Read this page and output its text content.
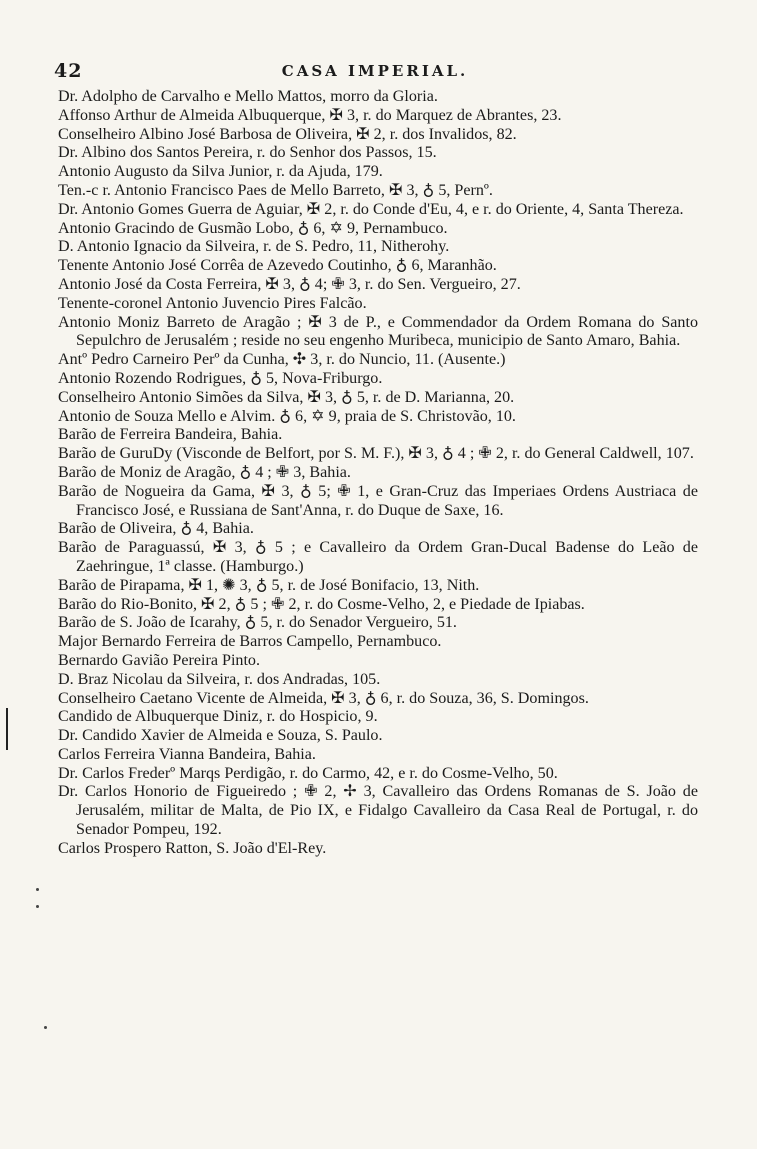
42	CASA IMPERIAL.
Dr. Adolpho de Carvalho e Mello Mattos, morro da Gloria.
Affonso Arthur de Almeida Albuquerque, ✠ 3, r. do Marquez de Abrantes, 23.
Conselheiro Albino José Barbosa de Oliveira, ✠ 2, r. dos Invalidos, 82.
Dr. Albino dos Santos Pereira, r. do Senhor dos Passos, 15.
Antonio Augusto da Silva Junior, r. da Ajuda, 179.
Ten.-c r. Antonio Francisco Paes de Mello Barreto, ✠ 3, ♁ 5, Pernº.
Dr. Antonio Gomes Guerra de Aguiar, ✠ 2, r. do Conde d'Eu, 4, e r. do Oriente, 4, Santa Thereza.
Antonio Gracindo de Gusmão Lobo, ♁ 6, ✡ 9, Pernambuco.
D. Antonio Ignacio da Silveira, r. de S. Pedro, 11, Nitherohy.
Tenente Antonio José Corrêa de Azevedo Coutinho, ♁ 6, Maranhão.
Antonio José da Costa Ferreira, ✠ 3, ♁ 4; ✙ 3, r. do Sen. Vergueiro, 27.
Tenente-coronel Antonio Juvencio Pires Falcão.
Antonio Moniz Barreto de Aragão ; ✠ 3 de P., e Commendador da Ordem Romana do Santo Sepulchro de Jerusalém ; reside no seu engenho Muribeca, municipio de Santo Amaro, Bahia.
Antº Pedro Carneiro Perº da Cunha, ✣ 3, r. do Nuncio, 11. (Ausente.)
Antonio Rozendo Rodrigues, ♁ 5, Nova-Friburgo.
Conselheiro Antonio Simões da Silva, ✠ 3, ♁ 5, r. de D. Marianna, 20.
Antonio de Souza Mello e Alvim. ♁ 6, ✡ 9, praia de S. Christovão, 10.
Barão de Ferreira Bandeira, Bahia.
Barão de GuruDy (Visconde de Belfort, por S. M. F.), ✠ 3, ♁ 4 ; ✙ 2, r. do General Caldwell, 107.
Barão de Moniz de Aragão, ♁ 4 ; ✙ 3, Bahia.
Barão de Nogueira da Gama, ✠ 3, ♁ 5; ✙ 1, e Gran-Cruz das Imperiaes Ordens Austriaca de Francisco José, e Russiana de Sant'Anna, r. do Duque de Saxe, 16.
Barão de Oliveira, ♁ 4, Bahia.
Barão de Paraguassú, ✠ 3, ♁ 5 ; e Cavalleiro da Ordem Gran-Ducal Badense do Leão de Zaehringue, 1ª classe. (Hamburgo.)
Barão de Pirapama, ✠ 1, ✺ 3, ♁ 5, r. de José Bonifacio, 13, Nith.
Barão do Rio-Bonito, ✠ 2, ♁ 5 ; ✙ 2, r. do Cosme-Velho, 2, e Piedade de Ipiabas.
Barão de S. João de Icarahy, ♁ 5, r. do Senador Vergueiro, 51.
Major Bernardo Ferreira de Barros Campello, Pernambuco.
Bernardo Gavião Pereira Pinto.
D. Braz Nicolau da Silveira, r. dos Andradas, 105.
Conselheiro Caetano Vicente de Almeida, ✠ 3, ♁ 6, r. do Souza, 36, S. Domingos.
Candido de Albuquerque Diniz, r. do Hospicio, 9.
Dr. Candido Xavier de Almeida e Souza, S. Paulo.
Carlos Ferreira Vianna Bandeira, Bahia.
Dr. Carlos Frederº Marqs Perdigão, r. do Carmo, 42, e r. do Cosme-Velho, 50.
Dr. Carlos Honorio de Figueiredo ; ✙ 2, ✢ 3, Cavalleiro das Ordens Romanas de S. João de Jerusalém, militar de Malta, de Pio IX, e Fidalgo Cavalleiro da Casa Real de Portugal, r. do Senador Pompeu, 192.
Carlos Prospero Ratton, S. João d'El-Rey.
